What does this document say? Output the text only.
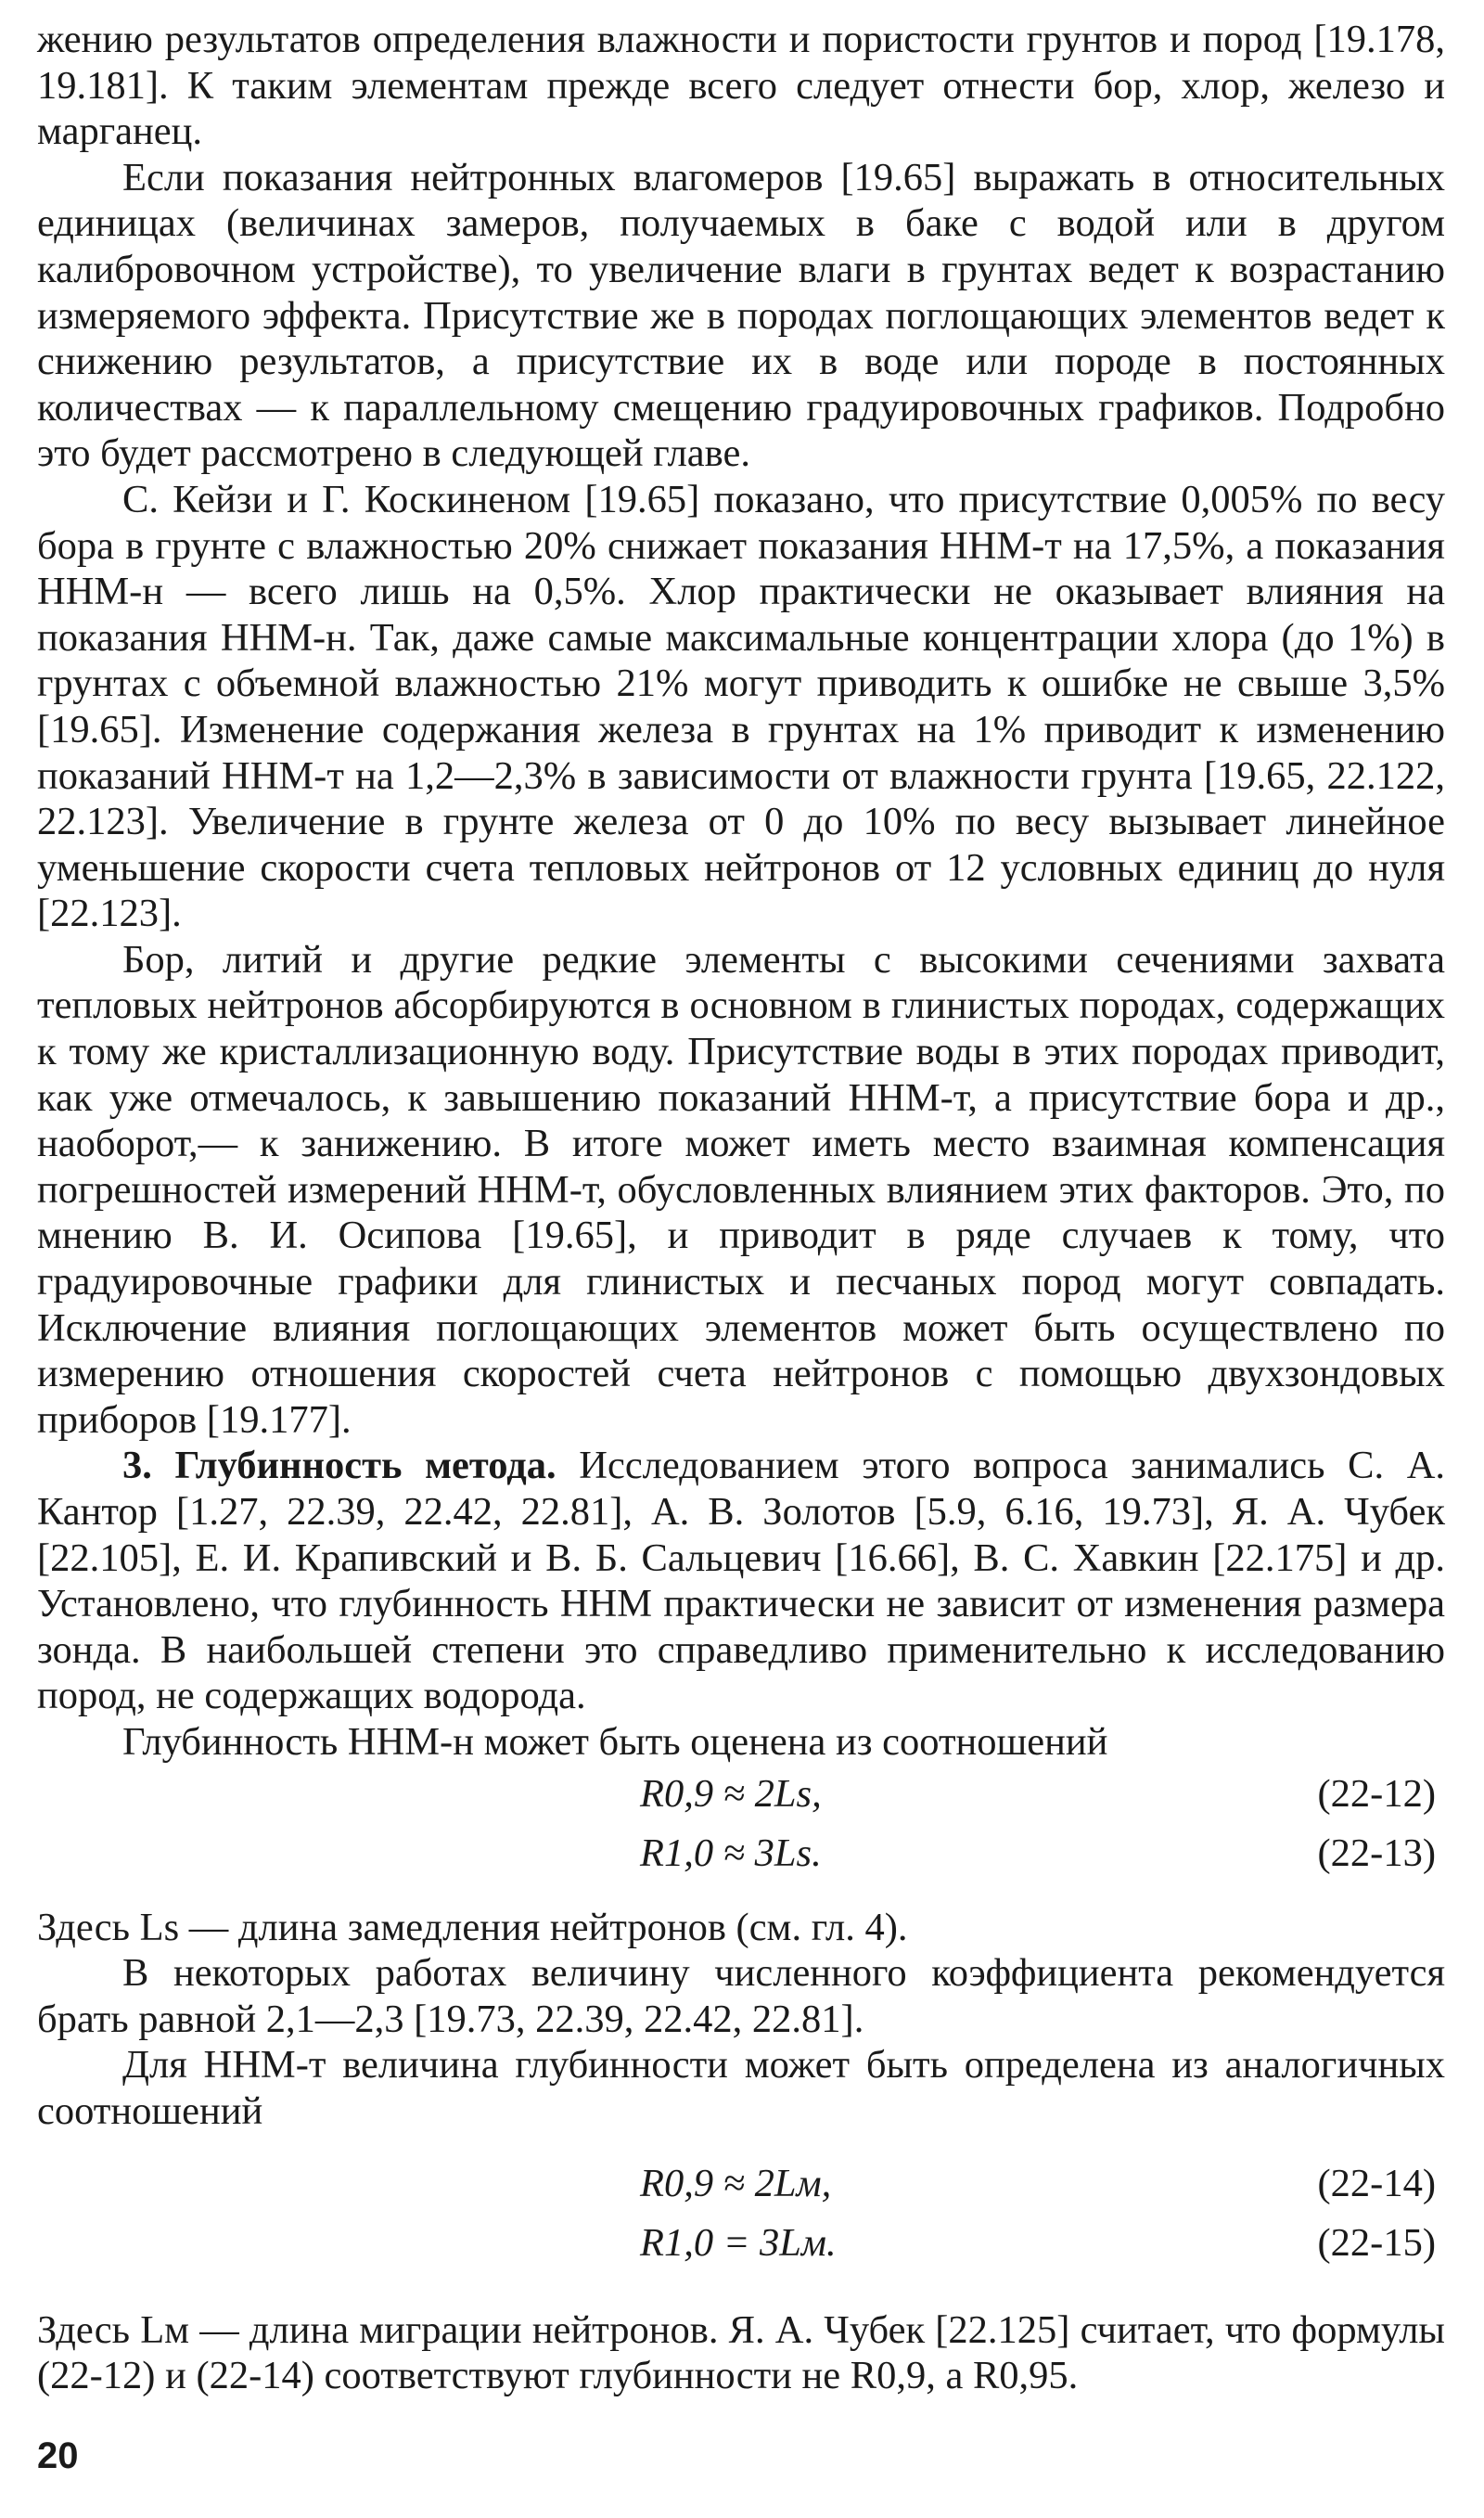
жению результатов определения влажности и пористости грунтов и пород [19.178, 19.181]. К таким элементам прежде всего следует отнести бор, хлор, железо и марганец.

Если показания нейтронных влагомеров [19.65] выражать в относительных единицах (величинах замеров, получаемых в баке с водой или в другом калибровочном устройстве), то увеличение влаги в грунтах ведет к возрастанию измеряемого эффекта. Присутствие же в породах поглощающих элементов ведет к снижению результатов, а присутствие их в воде или породе в постоянных количествах — к параллельному смещению градуировочных графиков. Подробно это будет рассмотрено в следующей главе.

С. Кейзи и Г. Коскиненом [19.65] показано, что присутствие 0,005% по весу бора в грунте с влажностью 20% снижает показания ННМ-т на 17,5%, а показания ННМ-н — всего лишь на 0,5%. Хлор практически не оказывает влияния на показания ННМ-н. Так, даже самые максимальные концентрации хлора (до 1%) в грунтах с объемной влажностью 21% могут приводить к ошибке не свыше 3,5% [19.65]. Изменение содержания железа в грунтах на 1% приводит к изменению показаний ННМ-т на 1,2—2,3% в зависимости от влажности грунта [19.65, 22.122, 22.123]. Увеличение в грунте железа от 0 до 10% по весу вызывает линейное уменьшение скорости счета тепловых нейтронов от 12 условных единиц до нуля [22.123].

Бор, литий и другие редкие элементы с высокими сечениями захвата тепловых нейтронов абсорбируются в основном в глинистых породах, содержащих к тому же кристаллизационную воду. Присутствие воды в этих породах приводит, как уже отмечалось, к завышению показаний ННМ-т, а присутствие бора и др., наоборот,— к занижению. В итоге может иметь место взаимная компенсация погрешностей измерений ННМ-т, обусловленных влиянием этих факторов. Это, по мнению В. И. Осипова [19.65], и приводит в ряде случаев к тому, что градуировочные графики для глинистых и песчаных пород могут совпадать. Исключение влияния поглощающих элементов может быть осуществлено по измерению отношения скоростей счета нейтронов с помощью двухзондовых приборов [19.177].

3. Глубинность метода. Исследованием этого вопроса занимались С. А. Кантор [1.27, 22.39, 22.42, 22.81], А. В. Золотов [5.9, 6.16, 19.73], Я. А. Чубек [22.105], Е. И. Крапивский и В. Б. Сальцевич [16.66], В. С. Хавкин [22.175] и др. Установлено, что глубинность ННМ практически не зависит от изменения размера зонда. В наибольшей степени это справедливо применительно к исследованию пород, не содержащих водорода.

Глубинность ННМ-н может быть оценена из соотношений

R0,9 ≈ 2Ls,	(22-12)
R1,0 ≈ 3Ls.	(22-13)

Здесь Ls — длина замедления нейтронов (см. гл. 4).

В некоторых работах величину численного коэффициента рекомендуется брать равной 2,1—2,3 [19.73, 22.39, 22.42, 22.81].

Для ННМ-т величина глубинности может быть определена из аналогичных соотношений

R0,9 ≈ 2Lм,	(22-14)
R1,0 = 3Lм.	(22-15)

Здесь Lм — длина миграции нейтронов. Я. А. Чубек [22.125] считает, что формулы (22-12) и (22-14) соответствуют глубинности не R0,9, а R0,95.

20
